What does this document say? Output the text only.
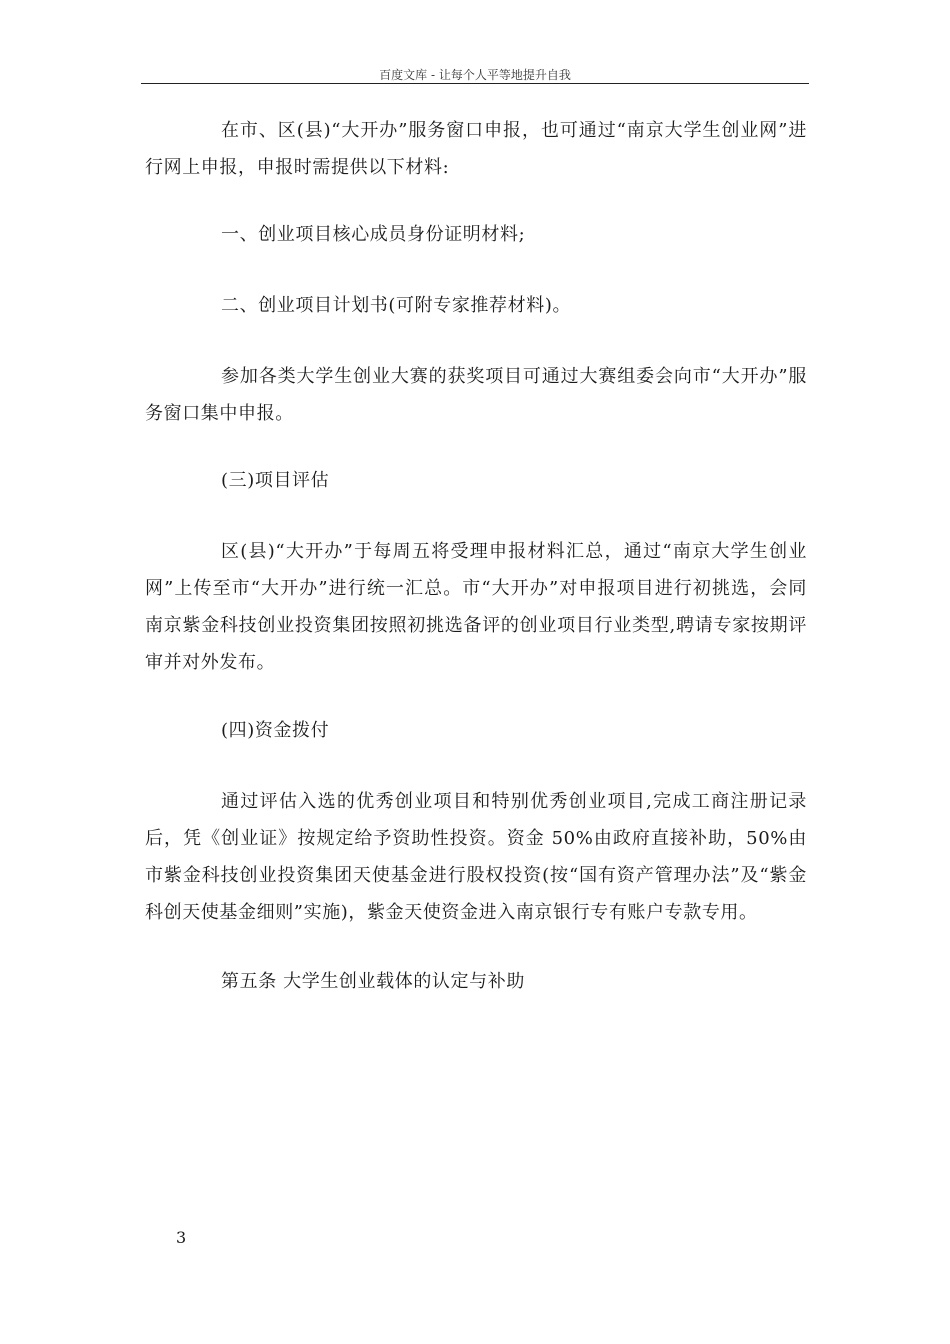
百度文库 - 让每个人平等地提升自我

在市、区(县)“大开办”服务窗口申报，也可通过“南京大学生创业网”进行网上申报，申报时需提供以下材料:

一、创业项目核心成员身份证明材料;

二、创业项目计划书(可附专家推荐材料)。

参加各类大学生创业大赛的获奖项目可通过大赛组委会向市“大开办”服务窗口集中申报。

(三)项目评估

区(县)“大开办”于每周五将受理申报材料汇总，通过“南京大学生创业网”上传至市“大开办”进行统一汇总。市“大开办”对申报项目进行初挑选，会同南京紫金科技创业投资集团按照初挑选备评的创业项目行业类型,聘请专家按期评审并对外发布。

(四)资金拨付

通过评估入选的优秀创业项目和特别优秀创业项目,完成工商注册记录后，凭《创业证》按规定给予资助性投资。资金 50%由政府直接补助，50%由市紫金科技创业投资集团天使基金进行股权投资(按“国有资产管理办法”及“紫金科创天使基金细则”实施)，紫金天使资金进入南京银行专有账户专款专用。

第五条 大学生创业载体的认定与补助

3
